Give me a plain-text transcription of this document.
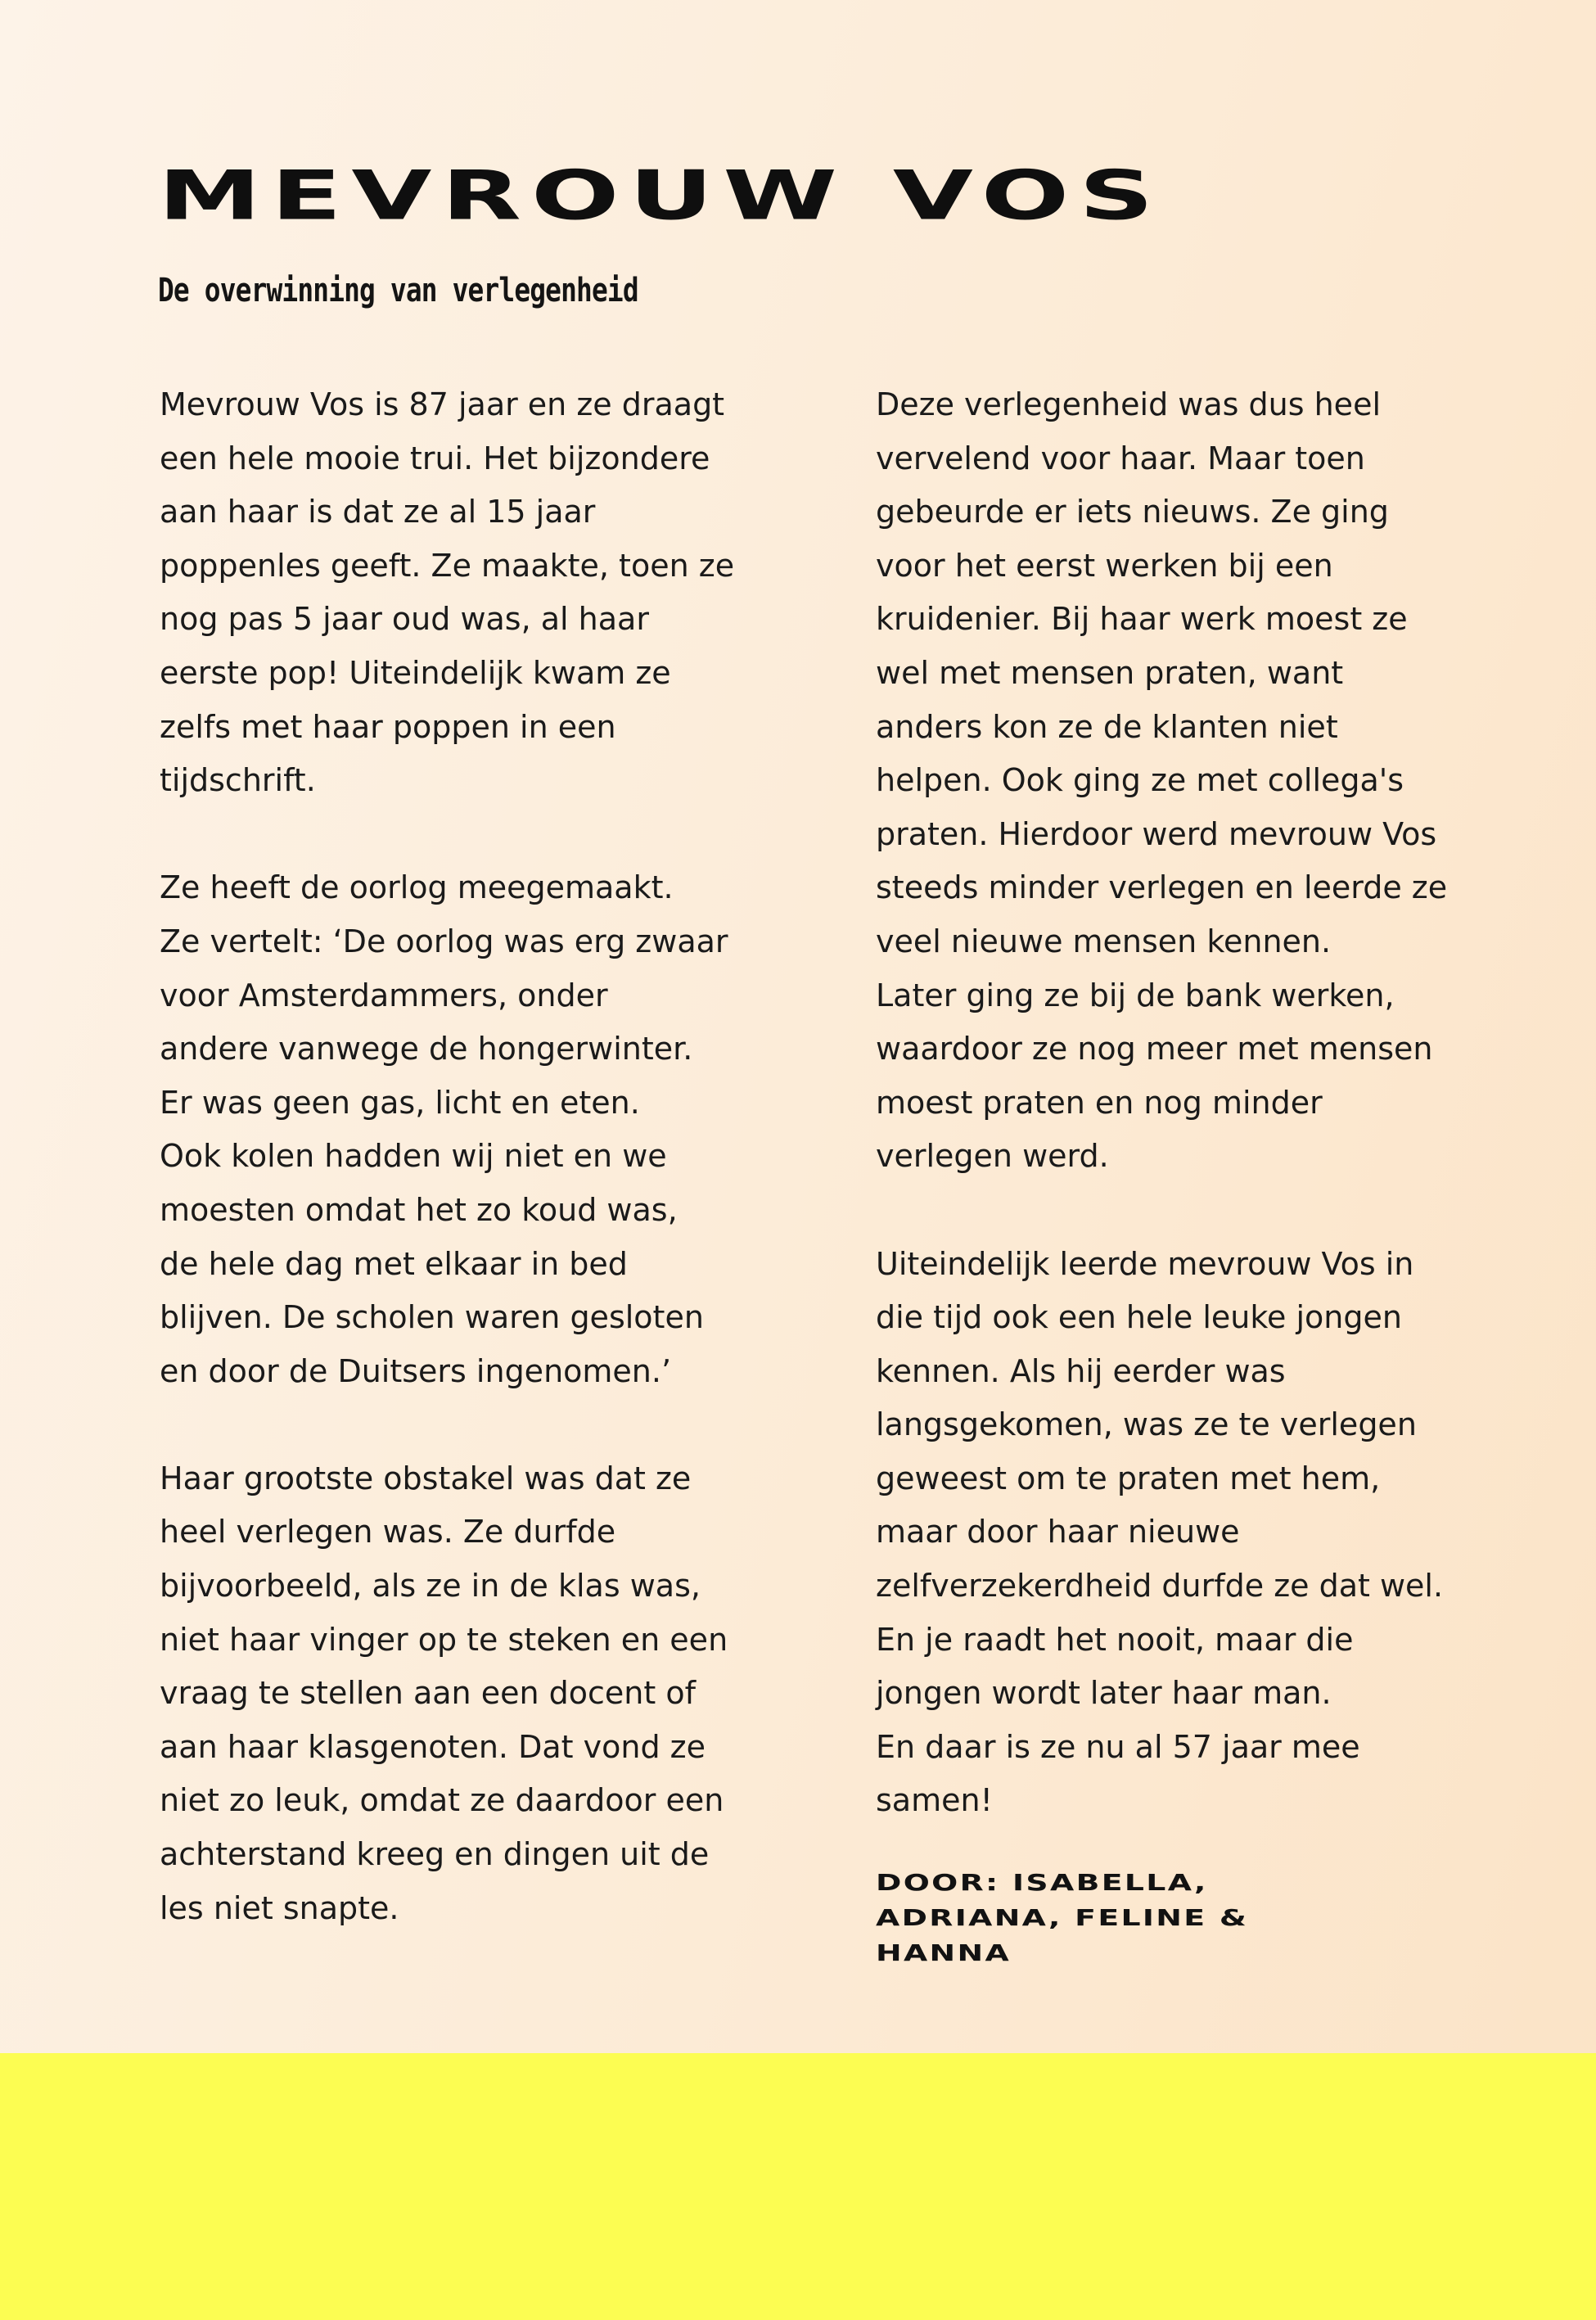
MEVROUW VOS
De overwinning van verlegenheid
Mevrouw Vos is 87 jaar en ze draagt
een hele mooie trui. Het bijzondere
aan haar is dat ze al 15 jaar
poppenles geeft. Ze maakte, toen ze
nog pas 5 jaar oud was, al haar
eerste pop! Uiteindelijk kwam ze
zelfs met haar poppen in een
tijdschrift.
Ze heeft de oorlog meegemaakt.
Ze vertelt: ‘De oorlog was erg zwaar
voor Amsterdammers, onder
andere vanwege de hongerwinter.
Er was geen gas, licht en eten.
Ook kolen hadden wij niet en we
moesten omdat het zo koud was,
de hele dag met elkaar in bed
blijven. De scholen waren gesloten
en door de Duitsers ingenomen.’
Haar grootste obstakel was dat ze
heel verlegen was. Ze durfde
bijvoorbeeld, als ze in de klas was,
niet haar vinger op te steken en een
vraag te stellen aan een docent of
aan haar klasgenoten. Dat vond ze
niet zo leuk, omdat ze daardoor een
achterstand kreeg en dingen uit de
les niet snapte.
Deze verlegenheid was dus heel
vervelend voor haar. Maar toen
gebeurde er iets nieuws. Ze ging
voor het eerst werken bij een
kruidenier. Bij haar werk moest ze
wel met mensen praten, want
anders kon ze de klanten niet
helpen. Ook ging ze met collega's
praten. Hierdoor werd mevrouw Vos
steeds minder verlegen en leerde ze
veel nieuwe mensen kennen.
Later ging ze bij de bank werken,
waardoor ze nog meer met mensen
moest praten en nog minder
verlegen werd.
Uiteindelijk leerde mevrouw Vos in
die tijd ook een hele leuke jongen
kennen. Als hij eerder was
langsgekomen, was ze te verlegen
geweest om te praten met hem,
maar door haar nieuwe
zelfverzekerdheid durfde ze dat wel.
En je raadt het nooit, maar die
jongen wordt later haar man.
En daar is ze nu al 57 jaar mee
samen!
DOOR: ISABELLA,
ADRIANA, FELINE &
HANNA
